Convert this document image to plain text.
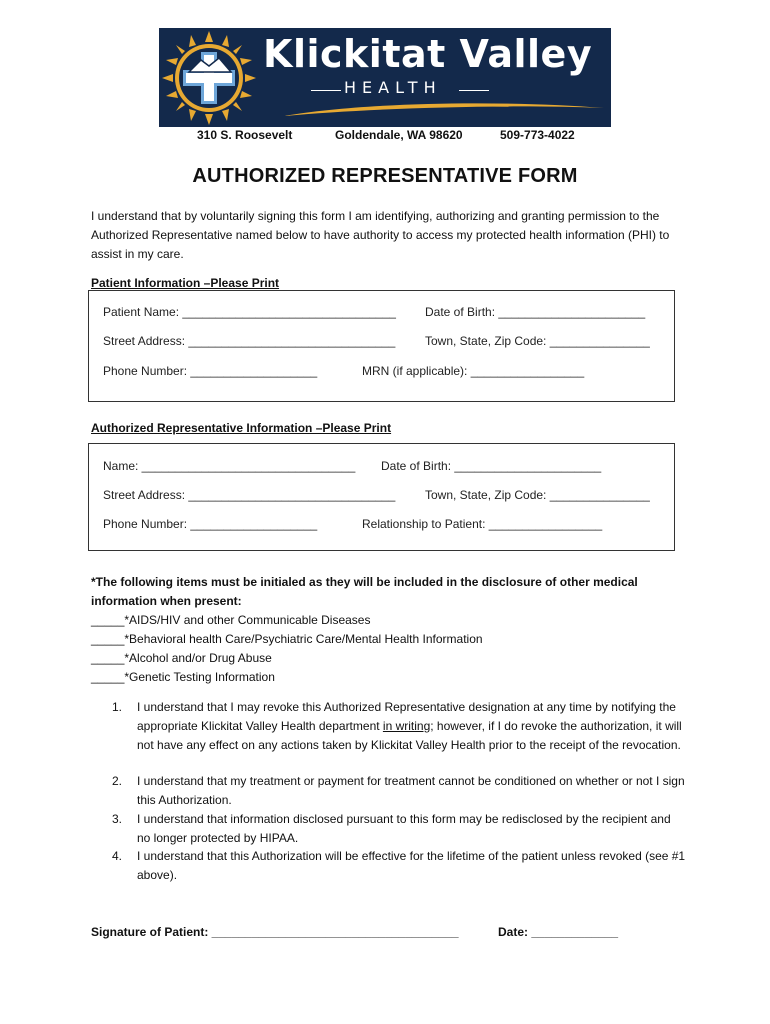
Klickitat Valley
HEALTH
310 S. Roosevelt	Goldendale, WA 98620	509-773-4022
AUTHORIZED REPRESENTATIVE FORM
I understand that by voluntarily signing this form I am identifying, authorizing and granting permission to the Authorized Representative named below to have authority to access my protected health information (PHI) to assist in my care.
Patient Information –Please Print
Patient Name: ________________________________ Date of Birth: ______________________
Street Address: _______________________________ Town, State, Zip Code: _______________
Phone Number: ___________________	MRN (if applicable): _________________
Authorized Representative Information –Please Print
Name: ________________________________ Date of Birth: ______________________
Street Address: _______________________________ Town, State, Zip Code: _______________
Phone Number: ___________________	Relationship to Patient: _________________
*The following items must be initialed as they will be included in the disclosure of other medical
information when present:
_____*AIDS/HIV and other Communicable Diseases
_____*Behavioral health Care/Psychiatric Care/Mental Health Information
_____*Alcohol and/or Drug Abuse
_____*Genetic Testing Information
1. I understand that I may revoke this Authorized Representative designation at any time by notifying the appropriate Klickitat Valley Health department in writing; however, if I do revoke the authorization, it will not have any effect on any actions taken by Klickitat Valley Health prior to the receipt of the revocation.
2. I understand that my treatment or payment for treatment cannot be conditioned on whether or not I sign this Authorization.
3. I understand that information disclosed pursuant to this form may be redisclosed by the recipient and no longer protected by HIPAA.
4. I understand that this Authorization will be effective for the lifetime of the patient unless revoked (see #1 above).
Signature of Patient: _____________________________________	Date: _____________
